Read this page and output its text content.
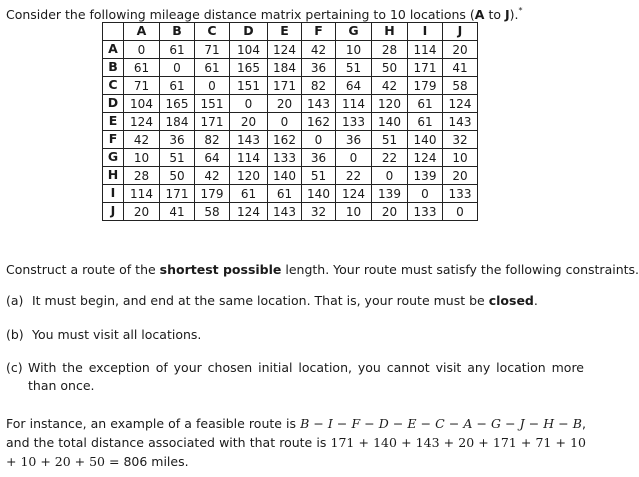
Consider the following mileage distance matrix pertaining to 10 locations (A to J).*
	A	B	C	D	E	F	G	H	I	J
A	0	61	71	104	124	42	10	28	114	20
B	61	0	61	165	184	36	51	50	171	41
C	71	61	0	151	171	82	64	42	179	58
D	104	165	151	0	20	143	114	120	61	124
E	124	184	171	20	0	162	133	140	61	143
F	42	36	82	143	162	0	36	51	140	32
G	10	51	64	114	133	36	0	22	124	10
H	28	50	42	120	140	51	22	0	139	20
I	114	171	179	61	61	140	124	139	0	133
J	20	41	58	124	143	32	10	20	133	0
Construct a route of the shortest possible length. Your route must satisfy the following constraints.
(a) It must begin, and end at the same location. That is, your route must be closed.
(b) You must visit all locations.
(c) With the exception of your chosen initial location, you cannot visit any location more than once.
For instance, an example of a feasible route is B − I − F − D − E − C − A − G − J − H − B, and the total distance associated with that route is 171 + 140 + 143 + 20 + 171 + 71 + 10 + 10 + 20 + 50 = 806 miles.
